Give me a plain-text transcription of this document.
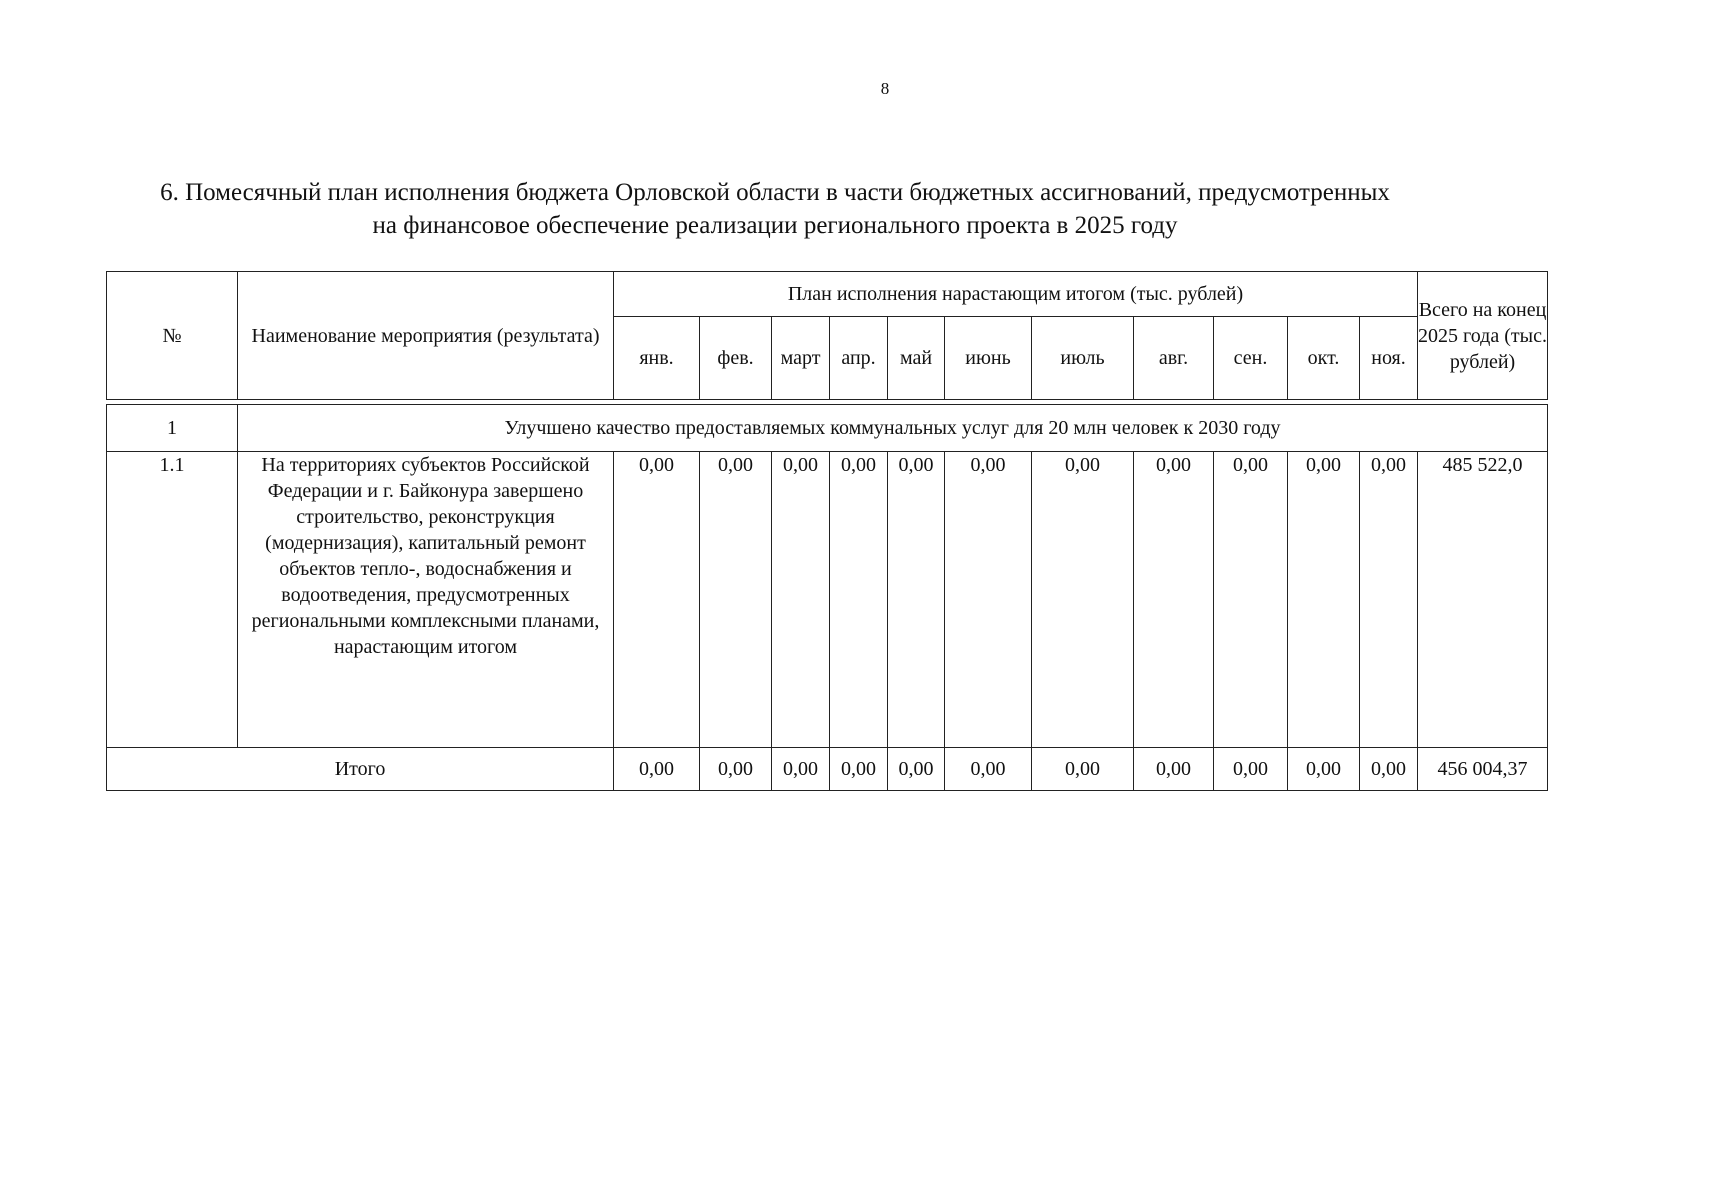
8
6. Помесячный план исполнения бюджета Орловской области в части бюджетных ассигнований, предусмотренных
на финансовое обеспечение реализации регионального проекта в 2025 году
№	Наименование мероприятия (результата)	План исполнения нарастающим итогом (тыс. рублей)											Всего на конец 2025 года (тыс. рублей)
		янв.	фев.	март	апр.	май	июнь	июль	авг.	сен.	окт.	ноя.	

1	Улучшено качество предоставляемых коммунальных услуг для 20 млн человек к 2030 году												
1.1	На территориях субъектов Российской Федерации и г. Байконура завершено строительство, реконструкция (модернизация), капитальный ремонт объектов тепло-, водоснабжения и водоотведения, предусмотренных региональными комплексными планами, нарастающим итогом	0,00	0,00	0,00	0,00	0,00	0,00	0,00	0,00	0,00	0,00	0,00	485 522,0
Итого		0,00	0,00	0,00	0,00	0,00	0,00	0,00	0,00	0,00	0,00	0,00	456 004,37
